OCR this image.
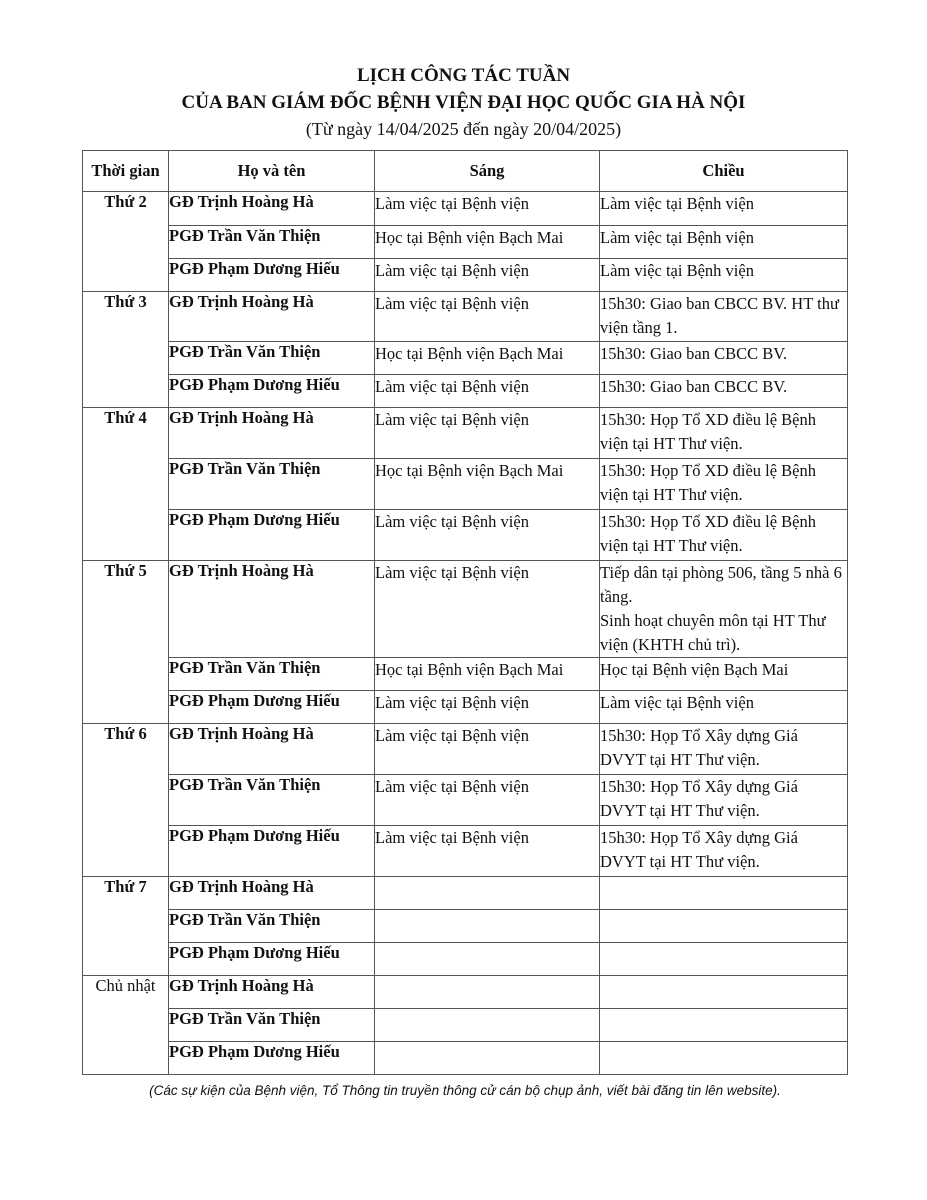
LỊCH CÔNG TÁC TUẦN
CỦA BAN GIÁM ĐỐC BỆNH VIỆN ĐẠI HỌC QUỐC GIA HÀ NỘI
(Từ ngày 14/04/2025 đến ngày 20/04/2025)
Thời gian	Họ và tên	Sáng	Chiều
Thứ 2	GĐ Trịnh Hoàng Hà	Làm việc tại Bệnh viện	Làm việc tại Bệnh viện
	PGĐ Trần Văn Thiện	Học tại Bệnh viện Bạch Mai	Làm việc tại Bệnh viện
	PGĐ Phạm Dương Hiếu	Làm việc tại Bệnh viện	Làm việc tại Bệnh viện
Thứ 3	GĐ Trịnh Hoàng Hà	Làm việc tại Bệnh viện	15h30: Giao ban CBCC BV. HT thư viện tầng 1.
	PGĐ Trần Văn Thiện	Học tại Bệnh viện Bạch Mai	15h30: Giao ban CBCC BV.
	PGĐ Phạm Dương Hiếu	Làm việc tại Bệnh viện	15h30: Giao ban CBCC BV.
Thứ 4	GĐ Trịnh Hoàng Hà	Làm việc tại Bệnh viện	15h30: Họp Tổ XD điều lệ Bệnh viện tại HT Thư viện.
	PGĐ Trần Văn Thiện	Học tại Bệnh viện Bạch Mai	15h30: Họp Tổ XD điều lệ Bệnh viện tại HT Thư viện.
	PGĐ Phạm Dương Hiếu	Làm việc tại Bệnh viện	15h30: Họp Tổ XD điều lệ Bệnh viện tại HT Thư viện.
Thứ 5	GĐ Trịnh Hoàng Hà	Làm việc tại Bệnh viện	Tiếp dân tại phòng 506, tầng 5 nhà 6 tầng.
Sinh hoạt chuyên môn tại HT Thư viện (KHTH chủ trì).
	PGĐ Trần Văn Thiện	Học tại Bệnh viện Bạch Mai	Học tại Bệnh viện Bạch Mai
	PGĐ Phạm Dương Hiếu	Làm việc tại Bệnh viện	Làm việc tại Bệnh viện
Thứ 6	GĐ Trịnh Hoàng Hà	Làm việc tại Bệnh viện	15h30: Họp Tổ Xây dựng Giá DVYT tại HT Thư viện.
	PGĐ Trần Văn Thiện	Làm việc tại Bệnh viện	15h30: Họp Tổ Xây dựng Giá DVYT tại HT Thư viện.
	PGĐ Phạm Dương Hiếu	Làm việc tại Bệnh viện	15h30: Họp Tổ Xây dựng Giá DVYT tại HT Thư viện.
Thứ 7	GĐ Trịnh Hoàng Hà		
	PGĐ Trần Văn Thiện		
	PGĐ Phạm Dương Hiếu		
Chủ nhật	GĐ Trịnh Hoàng Hà		
	PGĐ Trần Văn Thiện		
	PGĐ Phạm Dương Hiếu		
(Các sự kiện của Bệnh viện, Tổ Thông tin truyền thông cử cán bộ chụp ảnh, viết bài đăng tin lên website).
